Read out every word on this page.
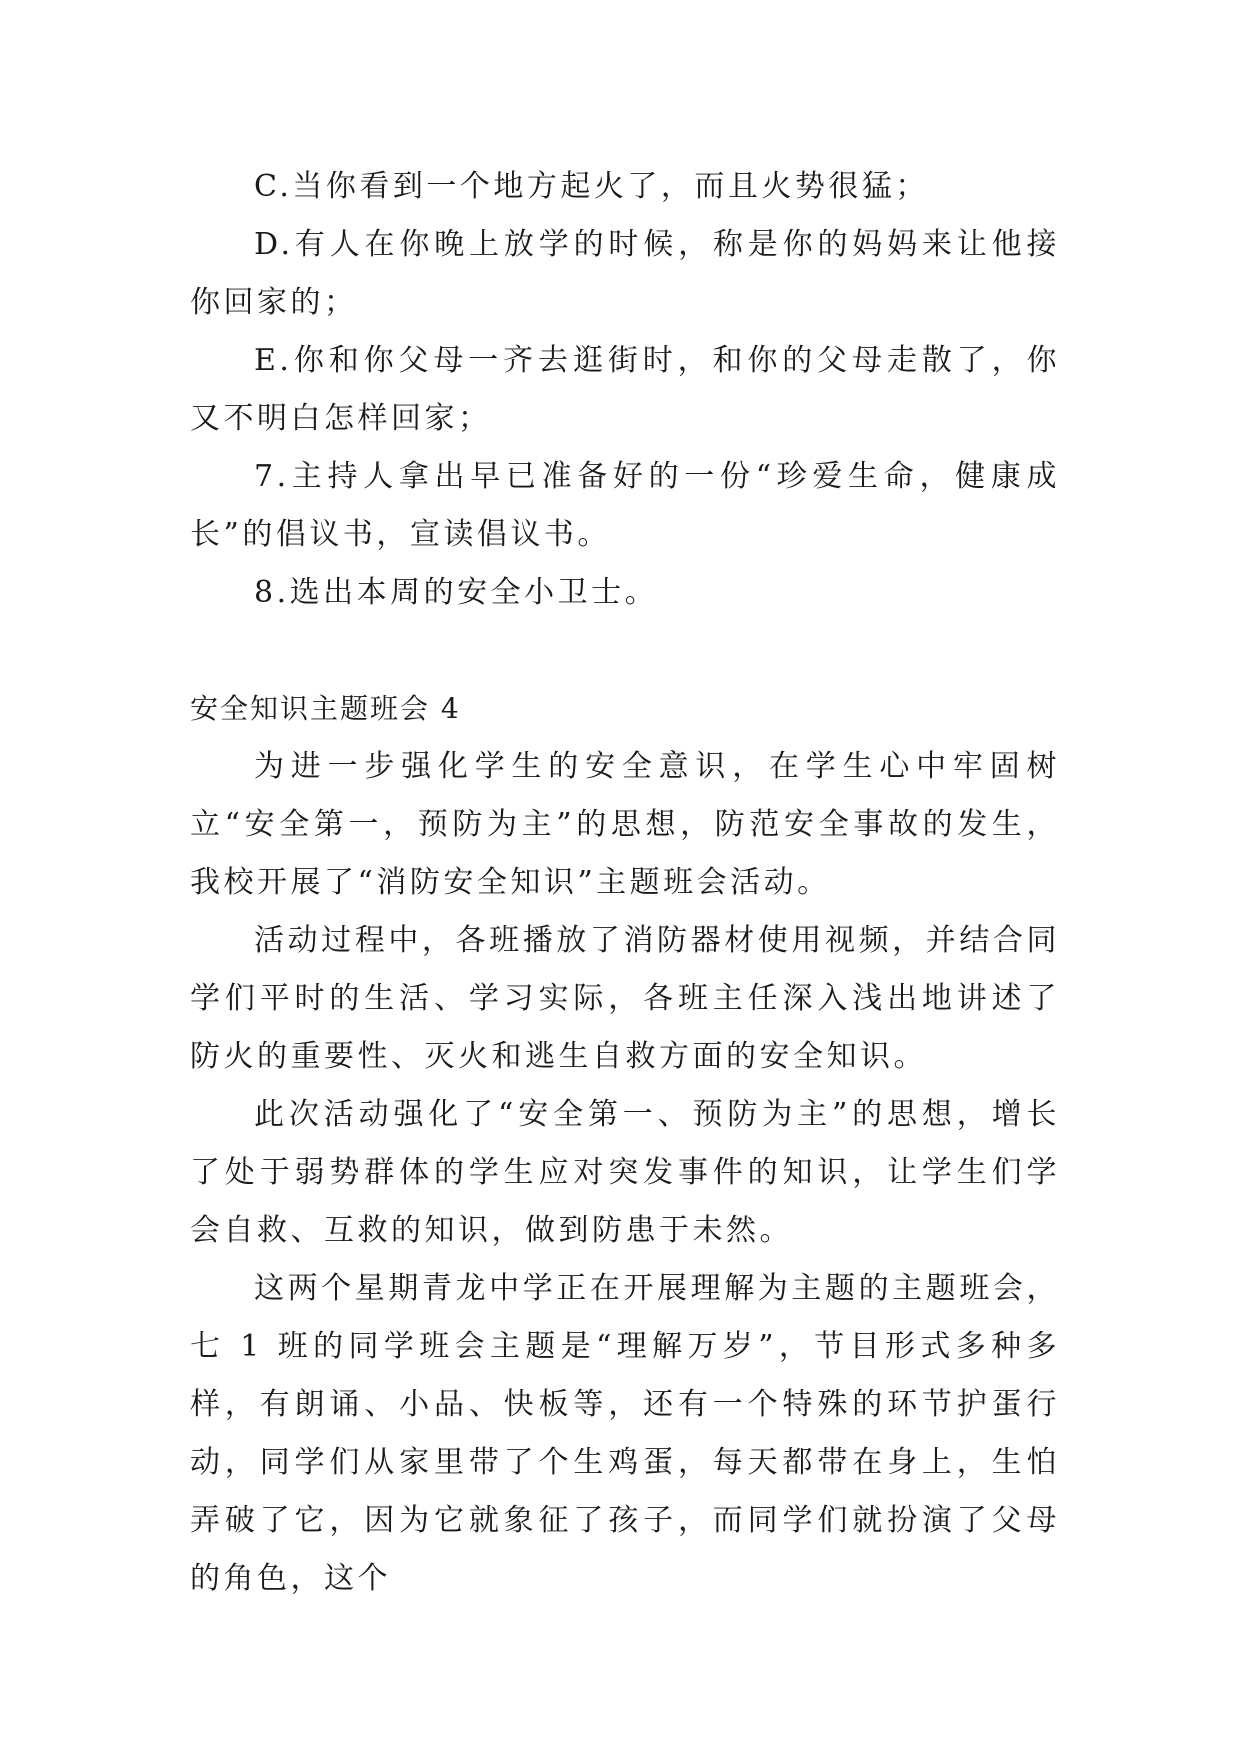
C.当你看到一个地方起火了，而且火势很猛；

D.有人在你晚上放学的时候，称是你的妈妈来让他接你回家的；

E.你和你父母一齐去逛街时，和你的父母走散了，你又不明白怎样回家；

7.主持人拿出早已准备好的一份“珍爱生命，健康成长”的倡议书，宣读倡议书。

8.选出本周的安全小卫士。

安全知识主题班会 4

为进一步强化学生的安全意识，在学生心中牢固树立“安全第一，预防为主”的思想，防范安全事故的发生，我校开展了“消防安全知识”主题班会活动。

活动过程中，各班播放了消防器材使用视频，并结合同学们平时的生活、学习实际，各班主任深入浅出地讲述了防火的重要性、灭火和逃生自救方面的安全知识。

此次活动强化了“安全第一、预防为主”的思想，增长了处于弱势群体的学生应对突发事件的知识，让学生们学会自救、互救的知识，做到防患于未然。

这两个星期青龙中学正在开展理解为主题的主题班会，七 1 班的同学班会主题是“理解万岁”，节目形式多种多样，有朗诵、小品、快板等，还有一个特殊的环节护蛋行动，同学们从家里带了个生鸡蛋，每天都带在身上，生怕弄破了它，因为它就象征了孩子，而同学们就扮演了父母的角色，这个
